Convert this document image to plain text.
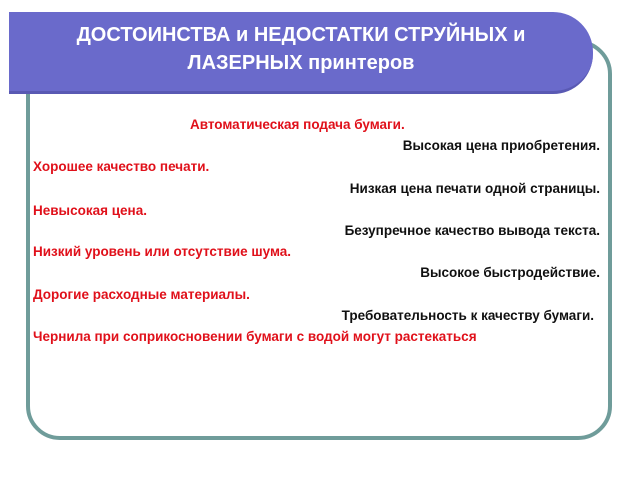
ДОСТОИНСТВА и НЕДОСТАТКИ СТРУЙНЫХ и
ЛАЗЕРНЫХ принтеров
Автоматическая подача бумаги.
Высокая цена приобретения.
Хорошее качество печати.
Низкая цена печати одной страницы.
Невысокая цена.
Безупречное качество вывода текста.
Низкий уровень или отсутствие шума.
Высокое быстродействие.
Дорогие расходные материалы.
Требовательность к качеству бумаги.
Чернила при соприкосновении бумаги с водой могут растекаться
